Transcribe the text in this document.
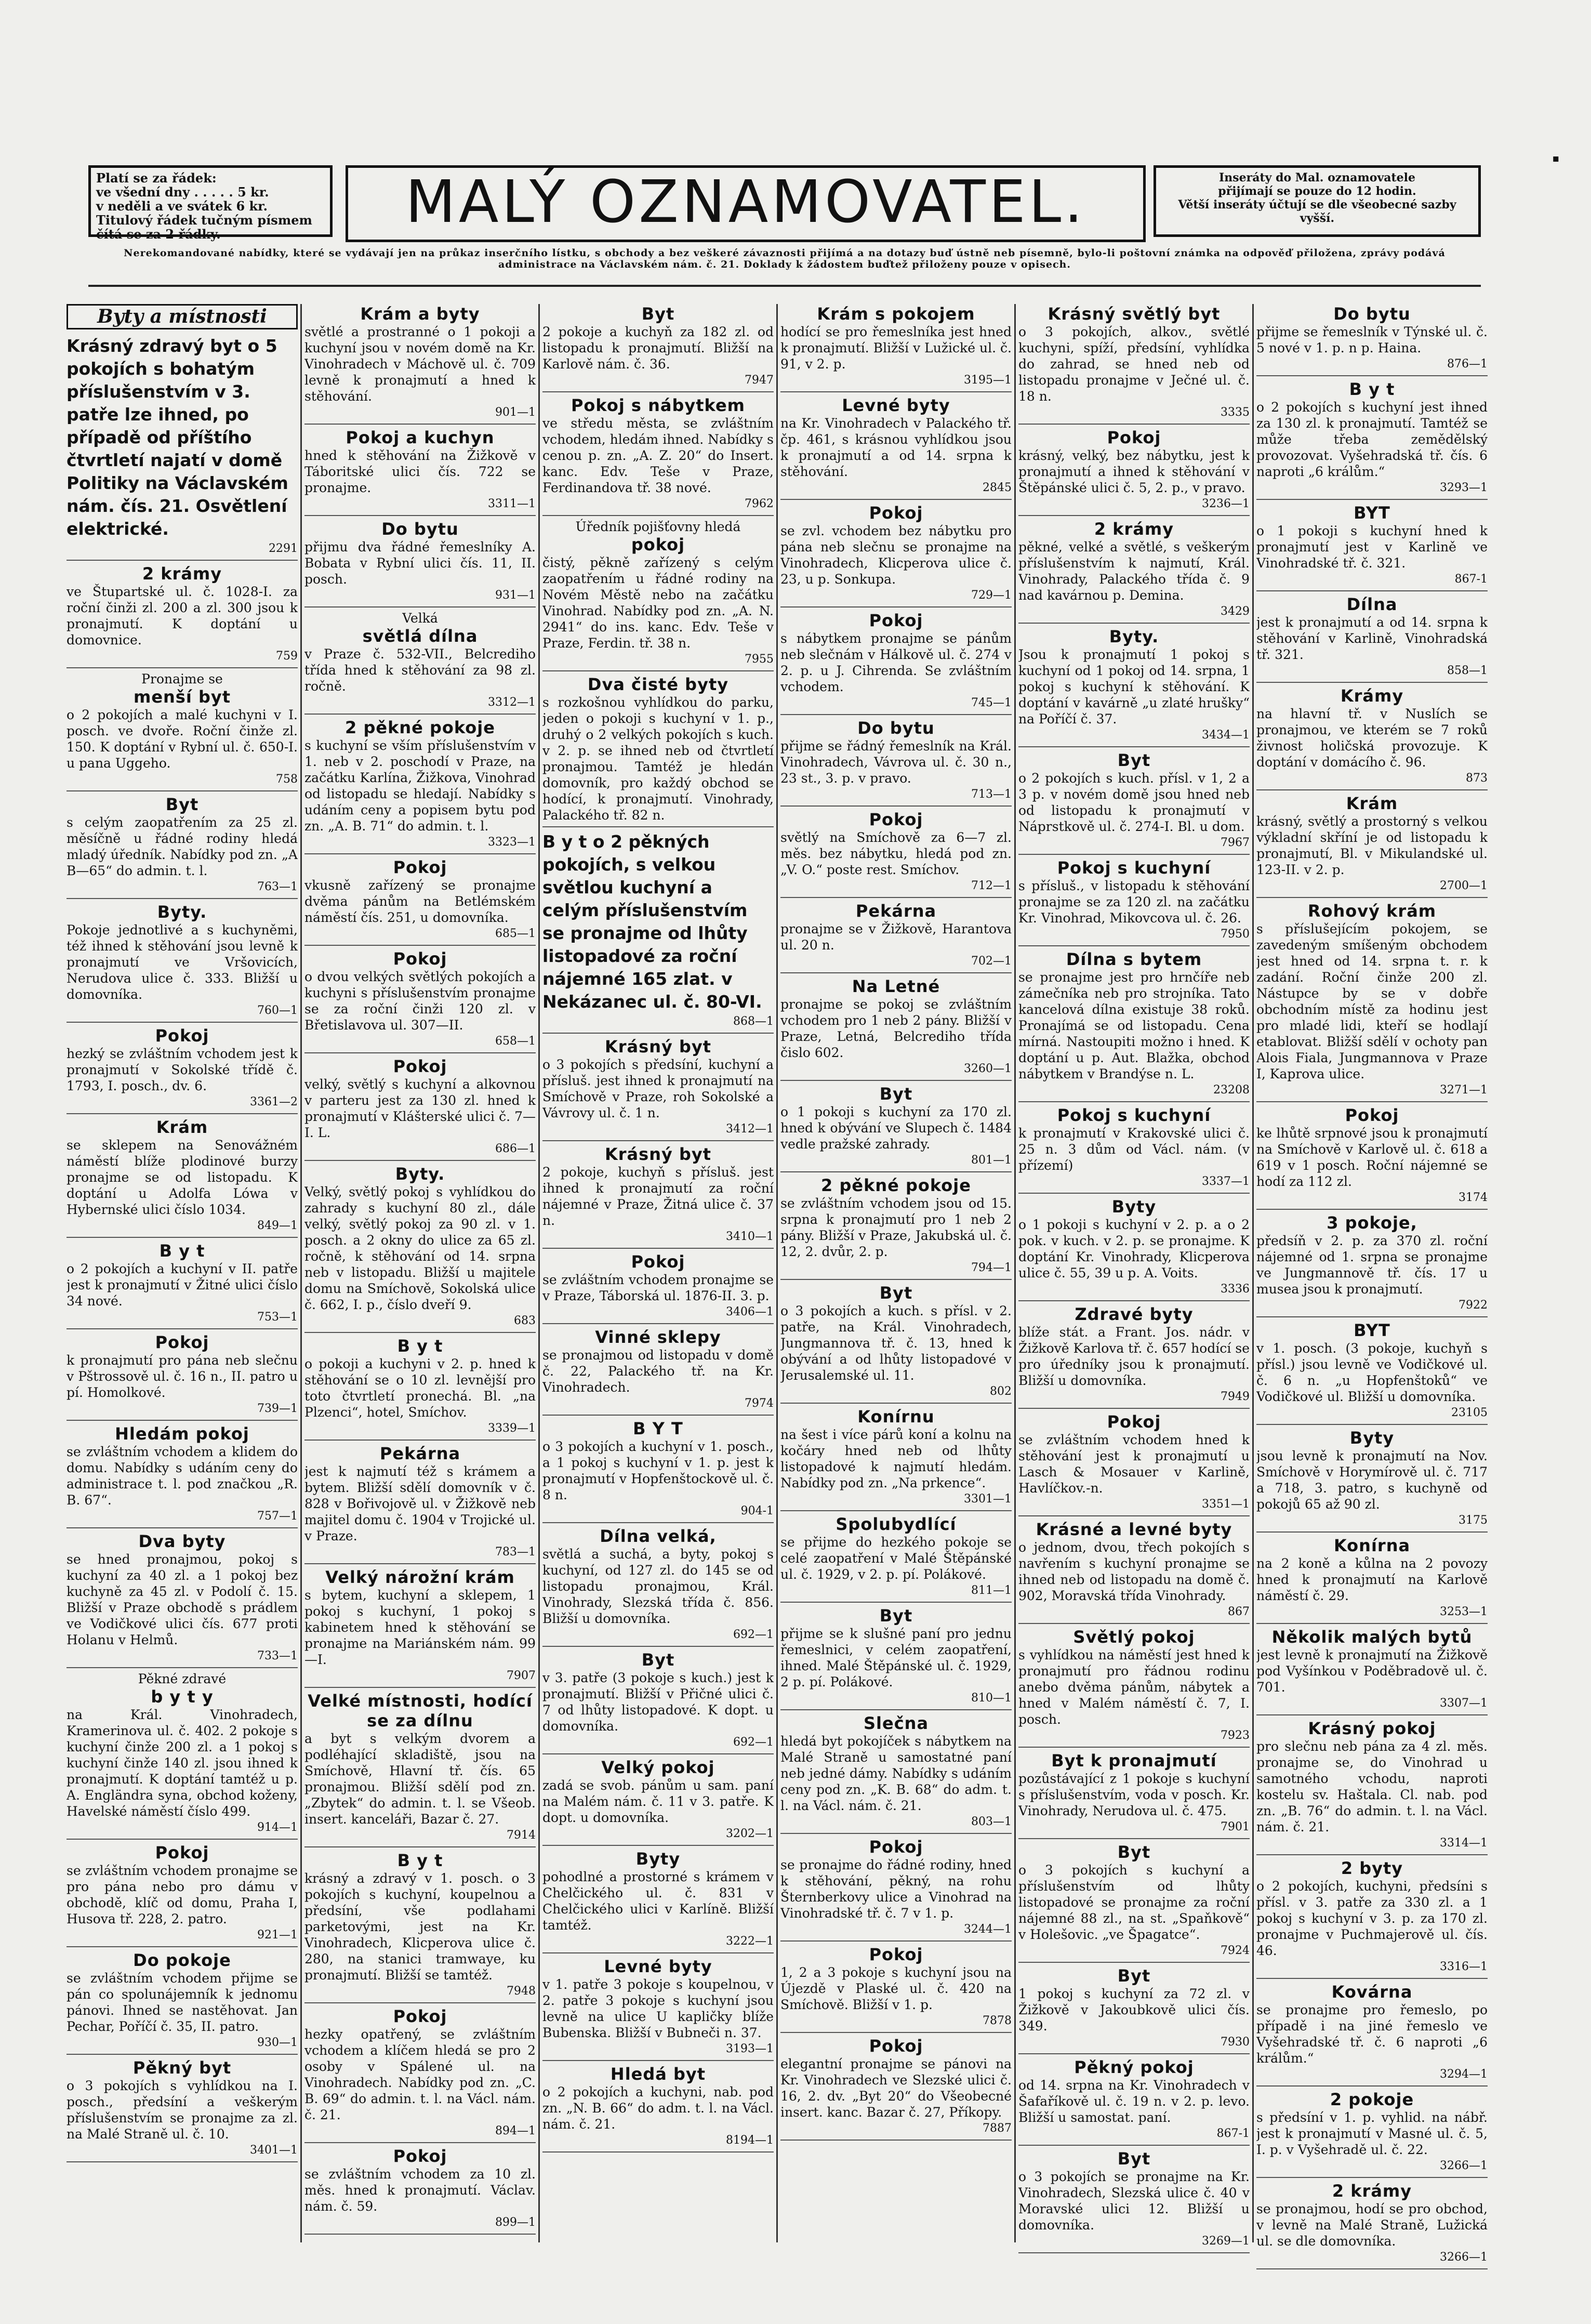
▪
Platí se za řádek:
ve všední dny . . . . . 5 kr.
v neděli a ve svátek 6 kr.
Titulový řádek tučným písmem
čítá se za 2 řádky.	MALÝ OZNAMOVATEL.	Inseráty do Mal. oznamovatele
přijímají se pouze do 12 hodin.
Větší inseráty účtují se dle všeobecné sazby vyšší.
Nerekomandované nabídky, které se vydávají jen na průkaz inserčního lístku, s obchody a bez veškeré závaznosti přijímá a na dotazy buď ústně neb písemně, bylo-li poštovní známka na odpověď přiložena, zprávy podává administrace na Václavském nám. č. 21. Doklady k žádostem buďtež přiloženy pouze v opisech.
Byty a místnosti
Krásný zdravý byt o 5 pokojích s bohatým příslušenstvím v 3. patře lze ihned, po případě od příštího čtvrtletí najatí v domě Politiky na Václavském nám. čís. 21. Osvětlení elektrické.
2291
2 krámy
ve Štupartské ul. č. 1028-I. za roční činži zl. 200 a zl. 300 jsou k pronajmutí. K doptání u domovnice.
759
Pronajme se
menší byt
o 2 pokojích a malé kuchyni v I. posch. ve dvoře. Roční činže zl. 150. K doptání v Rybní ul. č. 650-I. u pana Uggeho.
758
Byt
s celým zaopatřením za 25 zl. měsíčně u řádné rodiny hledá mladý úředník. Nabídky pod zn. „A B—65“ do admin. t. l.
763—1
Byty.
Pokoje jednotlivé a s kuchyněmi, též ihned k stěhování jsou levně k pronajmutí ve Vršovicích, Nerudova ulice č. 333. Bližší u domovníka.
760—1
Pokoj
hezký se zvláštním vchodem jest k pronajmutí v Sokolské třídě č. 1793, I. posch., dv. 6.
3361—2
Krám
se sklepem na Senovážném náměstí blíže plodinové burzy pronajme se od listopadu. K doptání u Adolfa Lówa v Hybernské ulici číslo 1034.
849—1
B y t
o 2 pokojích a kuchyní v II. patře jest k pronajmutí v Žitné ulici číslo 34 nové.
753—1
Pokoj
k pronajmutí pro pána neb slečnu v Pštrossově ul. č. 16 n., II. patro u pí. Homolkové.
739—1
Hledám pokoj
se zvláštním vchodem a klidem do domu. Nabídky s udáním ceny do administrace t. l. pod značkou „R. B. 67“.
757—1
Dva byty
se hned pronajmou, pokoj s kuchyní za 40 zl. a 1 pokoj bez kuchyně za 45 zl. v Podolí č. 15. Bližší v Praze obchodě s prádlem ve Vodičkové ulici čís. 677 proti Holanu v Helmů.
733—1
Pěkné zdravé
b y t y
na Král. Vinohradech, Kramerinova ul. č. 402. 2 pokoje s kuchyní činže 200 zl. a 1 pokoj s kuchyní činže 140 zl. jsou ihned k pronajmutí. K doptání tamtéž u p. A. Engländra syna, obchod koženy, Havelské náměstí číslo 499.
914—1
Pokoj
se zvláštním vchodem pronajme se pro pána nebo pro dámu v obchodě, klíč od domu, Praha I, Husova tř. 228, 2. patro.
921—1
Do pokoje
se zvláštním vchodem přijme se pán co spolunájemník k jednomu pánovi. Ihned se nastěhovat. Jan Pechar, Poříčí č. 35, II. patro.
930—1
Pěkný byt
o 3 pokojích s vyhlídkou na I. posch., předsíní a veškerým příslušenstvím se pronajme za zl. na Malé Straně ul. č. 10.
3401—1
Krám a byty
světlé a prostranné o 1 pokoji a kuchyní jsou v novém domě na Kr. Vinohradech v Máchově ul. č. 709 levně k pronajmutí a hned k stěhování.
901—1
Pokoj a kuchyn
hned k stěhování na Žižkově v Táboritské ulici čís. 722 se pronajme.
3311—1
Do bytu
přijmu dva řádné řemeslníky A. Bobata v Rybní ulici čís. 11, II. posch.
931—1
Velká
světlá dílna
v Praze č. 532-VII., Belcrediho třída hned k stěhování za 98 zl. ročně.
3312—1
2 pěkné pokoje
s kuchyní se vším příslušenstvím v 1. neb v 2. poschodí v Praze, na začátku Karlína, Žižkova, Vinohrad od listopadu se hledají. Nabídky s udáním ceny a popisem bytu pod zn. „A. B. 71“ do admin. t. l.
3323—1
Pokoj
vkusně zařízený se pronajme dvěma pánům na Betlémském náměstí čís. 251, u domovníka.
685—1
Pokoj
o dvou velkých světlých pokojích a kuchyni s příslušenstvím pronajme se za roční činži 120 zl. v Břetislavova ul. 307—II.
658—1
Pokoj
velký, světlý s kuchyní a alkovnou v parteru jest za 130 zl. hned k pronajmutí v Klášterské ulici č. 7—I. L.
686—1
Byty.
Velký, světlý pokoj s vyhlídkou do zahrady s kuchyní 80 zl., dále velký, světlý pokoj za 90 zl. v 1. posch. a 2 okny do ulice za 65 zl. ročně, k stěhování od 14. srpna neb v listopadu. Bližší u majitele domu na Smíchově, Sokolská ulice č. 662, I. p., číslo dveří 9.
683
B y t
o pokoji a kuchyni v 2. p. hned k stěhování se o 10 zl. levnější pro toto čtvrtletí pronechá. Bl. „na Plzenci“, hotel, Smíchov.
3339—1
Pekárna
jest k najmutí též s krámem a bytem. Bližší sdělí domovník v č. 828 v Bořivojově ul. v Žižkově neb majitel domu č. 1904 v Trojické ul. v Praze.
783—1
Velký nárožní krám
s bytem, kuchyní a sklepem, 1 pokoj s kuchyní, 1 pokoj s kabinetem hned k stěhování se pronajme na Mariánském nám. 99—I.
7907
Velké místnosti, hodící se za dílnu
a byt s velkým dvorem a podléhající skladiště, jsou na Smíchově, Hlavní tř. čís. 65 pronajmou. Bližší sdělí pod zn. „Zbytek“ do admin. t. l. se Všeob. insert. kanceláři, Bazar č. 27.
7914
B y t
krásný a zdravý v 1. posch. o 3 pokojích s kuchyní, koupelnou a předsíní, vše podlahami parketovými, jest na Kr. Vinohradech, Klicperova ulice č. 280, na stanici tramwaye, ku pronajmutí. Bližší se tamtéž.
7948
Pokoj
hezky opatřený, se zvláštním vchodem a klíčem hledá se pro 2 osoby v Spálené ul. na Vinohradech. Nabídky pod zn. „C. B. 69“ do admin. t. l. na Václ. nám. č. 21.
894—1
Pokoj
se zvláštním vchodem za 10 zl. měs. hned k pronajmutí. Václav. nám. č. 59.
899—1
Byt
2 pokoje a kuchyň za 182 zl. od listopadu k pronajmutí. Bližší na Karlově nám. č. 36.
7947
Pokoj s nábytkem
ve středu města, se zvláštním vchodem, hledám ihned. Nabídky s cenou p. zn. „A. Z. 20“ do Insert. kanc. Edv. Teše v Praze, Ferdinandova tř. 38 nové.
7962
Úředník pojišťovny hledá
pokoj
čistý, pěkně zařízený s celým zaopatřením u řádné rodiny na Novém Městě nebo na začátku Vinohrad. Nabídky pod zn. „A. N. 2941“ do ins. kanc. Edv. Teše v Praze, Ferdin. tř. 38 n.
7955
Dva čisté byty
s rozkošnou vyhlídkou do parku, jeden o pokoji s kuchyní v 1. p., druhý o 2 velkých pokojích s kuch. v 2. p. se ihned neb od čtvrtletí pronajmou. Tamtéž je hledán domovník, pro každý obchod se hodící, k pronajmutí. Vinohrady, Palackého tř. 82 n.
B y t o 2 pěkných pokojích, s velkou světlou kuchyní a celým příslušenstvím se pronajme od lhůty listopadové za roční nájemné 165 zlat. v Nekázanec ul. č. 80-VI.
868—1
Krásný byt
o 3 pokojích s předsíní, kuchyní a přísluš. jest ihned k pronajmutí na Smíchově v Praze, roh Sokolské a Vávrovy ul. č. 1 n.
3412—1
Krásný byt
2 pokoje, kuchyň s přísluš. jest ihned k pronajmutí za roční nájemné v Praze, Žitná ulice č. 37 n.
3410—1
Pokoj
se zvláštním vchodem pronajme se v Praze, Táborská ul. 1876-II. 3. p.
3406—1
Vinné sklepy
se pronajmou od listopadu v domě č. 22, Palackého tř. na Kr. Vinohradech.
7974
B Y T
o 3 pokojích a kuchyní v 1. posch., a 1 pokoj s kuchyní v 1. p. jest k pronajmutí v Hopfenštockově ul. č. 8 n.
904-1
Dílna velká,
světlá a suchá, a byty, pokoj s kuchyní, od 127 zl. do 145 se od listopadu pronajmou, Král. Vinohrady, Slezská třída č. 856. Bližší u domovníka.
692—1
Byt
v 3. patře (3 pokoje s kuch.) jest k pronajmutí. Bližší v Přičné ulici č. 7 od lhůty listopadové. K dopt. u domovníka.
692—1
Velký pokoj
zadá se svob. pánům u sam. paní na Malém nám. č. 11 v 3. patře. K dopt. u domovníka.
3202—1
Byty
pohodlné a prostorné s krámem v Chelčického ul. č. 831 v Chelčického ulici v Karlíně. Bližší tamtéž.
3222—1
Levné byty
v 1. patře 3 pokoje s koupelnou, v 2. patře 3 pokoje s kuchyní jsou levně na ulice U kapličky blíže Bubenska. Bližší v Bubneči n. 37.
3193—1
Hledá byt
o 2 pokojích a kuchyni, nab. pod zn. „N. B. 66“ do adm. t. l. na Václ. nám. č. 21.
8194—1
Krám s pokojem
hodící se pro řemeslníka jest hned k pronajmutí. Bližší v Lužické ul. č. 91, v 2. p.
3195—1
Levné byty
na Kr. Vinohradech v Palackého tř. čp. 461, s krásnou vyhlídkou jsou k pronajmutí a od 14. srpna k stěhování.
2845
Pokoj
se zvl. vchodem bez nábytku pro pána neb slečnu se pronajme na Vinohradech, Klicperova ulice č. 23, u p. Sonkupa.
729—1
Pokoj
s nábytkem pronajme se pánům neb slečnám v Hálkově ul. č. 274 v 2. p. u J. Cihrenda. Se zvláštním vchodem.
745—1
Do bytu
přijme se řádný řemeslník na Král. Vinohradech, Vávrova ul. č. 30 n., 23 st., 3. p. v pravo.
713—1
Pokoj
světlý na Smíchově za 6—7 zl. měs. bez nábytku, hledá pod zn. „V. O.“ poste rest. Smíchov.
712—1
Pekárna
pronajme se v Žižkově, Harantova ul. 20 n.
702—1
Na Letné
pronajme se pokoj se zvláštním vchodem pro 1 neb 2 pány. Bližší v Praze, Letná, Belcrediho třída čislo 602.
3260—1
Byt
o 1 pokoji s kuchyní za 170 zl. hned k obývání ve Slupech č. 1484 vedle pražské zahrady.
801—1
2 pěkné pokoje
se zvláštním vchodem jsou od 15. srpna k pronajmutí pro 1 neb 2 pány. Bližší v Praze, Jakubská ul. č. 12, 2. dvůr, 2. p.
794—1
Byt
o 3 pokojích a kuch. s přísl. v 2. patře, na Král. Vinohradech, Jungmannova tř. č. 13, hned k obývání a od lhůty listopadové v Jerusalemské ul. 11.
802
Konírnu
na šest i více párů koní a kolnu na kočáry hned neb od lhůty listopadové k najmutí hledám. Nabídky pod zn. „Na prkence“.
3301—1
Spolubydlící
se přijme do hezkého pokoje se celé zaopatření v Malé Štěpánské ul. č. 1929, v 2. p. pí. Polákové.
811—1
Byt
přijme se k slušné paní pro jednu řemeslnici, v celém zaopatření, ihned. Malé Štěpánské ul. č. 1929, 2 p. pí. Polákové.
810—1
Slečna
hledá byt pokojíček s nábytkem na Malé Straně u samostatné paní neb jedné dámy. Nabídky s udáním ceny pod zn. „K. B. 68“ do adm. t. l. na Václ. nám. č. 21.
803—1
Pokoj
se pronajme do řádné rodiny, hned k stěhování, pěkný, na rohu Šternberkovy ulice a Vinohrad na Vinohradské tř. č. 7 v 1. p.
3244—1
Pokoj
1, 2 a 3 pokoje s kuchyní jsou na Újezdě v Plaské ul. č. 420 na Smíchově. Bližší v 1. p.
7878
Pokoj
elegantní pronajme se pánovi na Kr. Vinohradech ve Slezské ulici č. 16, 2. dv. „Byt 20“ do Všeobecné insert. kanc. Bazar č. 27, Příkopy.
7887
Krásný světlý byt
o 3 pokojích, alkov., světlé kuchyni, spíží, předsíní, vyhlídka do zahrad, se hned neb od listopadu pronajme v Ječné ul. č. 18 n.
3335
Pokoj
krásný, velký, bez nábytku, jest k pronajmutí a ihned k stěhování v Štěpánské ulici č. 5, 2. p., v pravo.
3236—1
2 krámy
pěkné, velké a světlé, s veškerým příslušenstvím k najmutí, Král. Vinohrady, Palackého třída č. 9 nad kavárnou p. Demina.
3429
Byty.
Jsou k pronajmutí 1 pokoj s kuchyní od 1 pokoj od 14. srpna, 1 pokoj s kuchyní k stěhování. K doptání v kavárně „u zlaté hrušky“ na Poříčí č. 37.
3434—1
Byt
o 2 pokojích s kuch. přísl. v 1, 2 a 3 p. v novém domě jsou hned neb od listopadu k pronajmutí v Náprstkově ul. č. 274-I. Bl. u dom.
7967
Pokoj s kuchyní
s přísluš., v listopadu k stěhování pronajme se za 120 zl. na začátku Kr. Vinohrad, Mikovcova ul. č. 26.
7950
Dílna s bytem
se pronajme jest pro hrnčíře neb zámečníka neb pro strojníka. Tato kancelová dílna existuje 38 roků. Pronajímá se od listopadu. Cena mírná. Nastoupiti možno i hned. K doptání u p. Aut. Blažka, obchod nábytkem v Brandýse n. L.
23208
Pokoj s kuchyní
k pronajmutí v Krakovské ulici č. 25 n. 3 dům od Václ. nám. (v přízemí)
3337—1
Byty
o 1 pokoji s kuchyní v 2. p. a o 2 pok. v kuch. v 2. p. se pronajme. K doptání Kr. Vinohrady, Klicperova ulice č. 55, 39 u p. A. Voits.
3336
Zdravé byty
blíže stát. a Frant. Jos. nádr. v Žižkově Karlova tř. č. 657 hodící se pro úředníky jsou k pronajmutí. Bližší u domovníka.
7949
Pokoj
se zvláštním vchodem hned k stěhování jest k pronajmutí u Lasch & Mosauer v Karlině, Havlíčkov.-n.
3351—1
Krásné a levné byty
o jednom, dvou, třech pokojích s navřením s kuchyní pronajme se ihned neb od listopadu na domě č. 902, Moravská třída Vinohrady.
867
Světlý pokoj
s vyhlídkou na náměstí jest hned k pronajmutí pro řádnou rodinu anebo dvěma pánům, nábytek a hned v Malém náměstí č. 7, I. posch.
7923
Byt k pronajmutí
pozůstávající z 1 pokoje s kuchyní s příslušenstvím, voda v posch. Kr. Vinohrady, Nerudova ul. č. 475.
7901
Byt
o 3 pokojích s kuchyní a příslušenstvím od lhůty listopadové se pronajme za roční nájemné 88 zl., na st. „Spaňkově“ v Holešovic. „ve Špagatce“.
7924
Byt
1 pokoj s kuchyní za 72 zl. v Žižkově v Jakoubkově ulici čís. 349.
7930
Pěkný pokoj
od 14. srpna na Kr. Vinohradech v Šafaříkově ul. č. 19 n. v 2. p. levo. Bližší u samostat. paní.
867-1
Byt
o 3 pokojích se pronajme na Kr. Vinohradech, Slezská ulice č. 40 v Moravské ulici 12. Bližší u domovníka.
3269—1
Do bytu
přijme se řemeslník v Týnské ul. č. 5 nové v 1. p. n p. Haina.
876—1
B y t
o 2 pokojích s kuchyní jest ihned za 130 zl. k pronajmutí. Tamtéž se může třeba zemědělský provozovat. Vyšehradská tř. čís. 6 naproti „6 králům.“
3293—1
BYT
o 1 pokoji s kuchyní hned k pronajmutí jest v Karlině ve Vinohradské tř. č. 321.
867-1
Dílna
jest k pronajmutí a od 14. srpna k stěhování v Karlině, Vinohradská tř. 321.
858—1
Krámy
na hlavní tř. v Nuslích se pronajmou, ve kterém se 7 roků živnost holičská provozuje. K doptání v domácího č. 96.
873
Krám
krásný, světlý a prostorný s velkou výkladní skříní je od listopadu k pronajmutí, Bl. v Mikulandské ul. 123-II. v 2. p.
2700—1
Rohový krám
s příslušejícím pokojem, se zavedeným smíšeným obchodem jest hned od 14. srpna t. r. k zadání. Roční činže 200 zl. Nástupce by se v dobře obchodním místě za hodinu jest pro mladé lidi, kteří se hodlají etablovat. Bližší sdělí v ochoty pan Alois Fiala, Jungmannova v Praze I, Kaprova ulice.
3271—1
Pokoj
ke lhůtě srpnové jsou k pronajmutí na Smíchově v Karlově ul. č. 618 a 619 v 1 posch. Roční nájemné se hodí za 112 zl.
3174
3 pokoje,
předsíň v 2. p. za 370 zl. roční nájemné od 1. srpna se pronajme ve Jungmannově tř. čís. 17 u musea jsou k pronajmutí.
7922
BYT
v 1. posch. (3 pokoje, kuchyň s přísl.) jsou levně ve Vodičkové ul. č. 6 n. „u Hopfenštoků“ ve Vodičkové ul. Bližší u domovníka.
23105
Byty
jsou levně k pronajmutí na Nov. Smíchově v Horymírově ul. č. 717 a 718, 3. patro, s kuchyně od pokojů 65 až 90 zl.
3175
Konírna
na 2 koně a kůlna na 2 povozy hned k pronajmutí na Karlově náměstí č. 29.
3253—1
Několik malých bytů
jest levně k pronajmutí na Žižkově pod Vyšínkou v Poděbradově ul. č. 701.
3307—1
Krásný pokoj
pro slečnu neb pána za 4 zl. měs. pronajme se, do Vinohrad u samotného vchodu, naproti kostelu sv. Haštala. Cl. nab. pod zn. „B. 76“ do admin. t. l. na Václ. nám. č. 21.
3314—1
2 byty
o 2 pokojích, kuchyni, předsíni s přísl. v 3. patře za 330 zl. a 1 pokoj s kuchyní v 3. p. za 170 zl. pronajme v Puchmajerově ul. čís. 46.
3316—1
Kovárna
se pronajme pro řemeslo, po případě i na jiné řemeslo ve Vyšehradské tř. č. 6 naproti „6 králům.“
3294—1
2 pokoje
s předsíní v 1. p. vyhlid. na nábř. jest k pronajmutí v Masné ul. č. 5, I. p. v Vyšehradě ul. č. 22.
3266—1
2 krámy
se pronajmou, hodí se pro obchod, v levně na Malé Straně, Lužická ul. se dle domovníka.
3266—1
